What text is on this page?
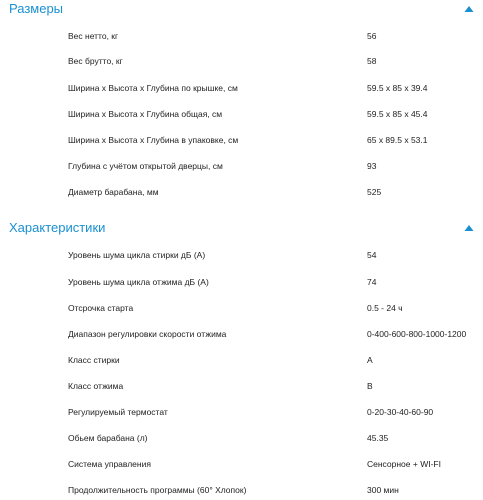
Размеры
Вес нетто, кг	56
Вес брутто, кг	58
Ширина х Высота х Глубина по крышке, см	59.5 x 85 x 39.4
Ширина х Высота х Глубина общая, см	59.5 x 85 x 45.4
Ширина х Высота х Глубина в упаковке, см	65 x 89.5 x 53.1
Глубина с учётом открытой дверцы, см	93
Диаметр барабана, мм	525
Характеристики
Уровень шума цикла стирки дБ (А)	54
Уровень шума цикла отжима дБ (А)	74
Отсрочка старта	0.5 - 24 ч
Диапазон регулировки скорости отжима	0-400-600-800-1000-1200
Класс стирки	A
Класс отжима	B
Регулируемый термостат	0-20-30-40-60-90
Обьем барабана (л)	45.35
Система управления	Сенсорное + WI-FI
Продолжительность программы (60° Хлопок)	300 мин
